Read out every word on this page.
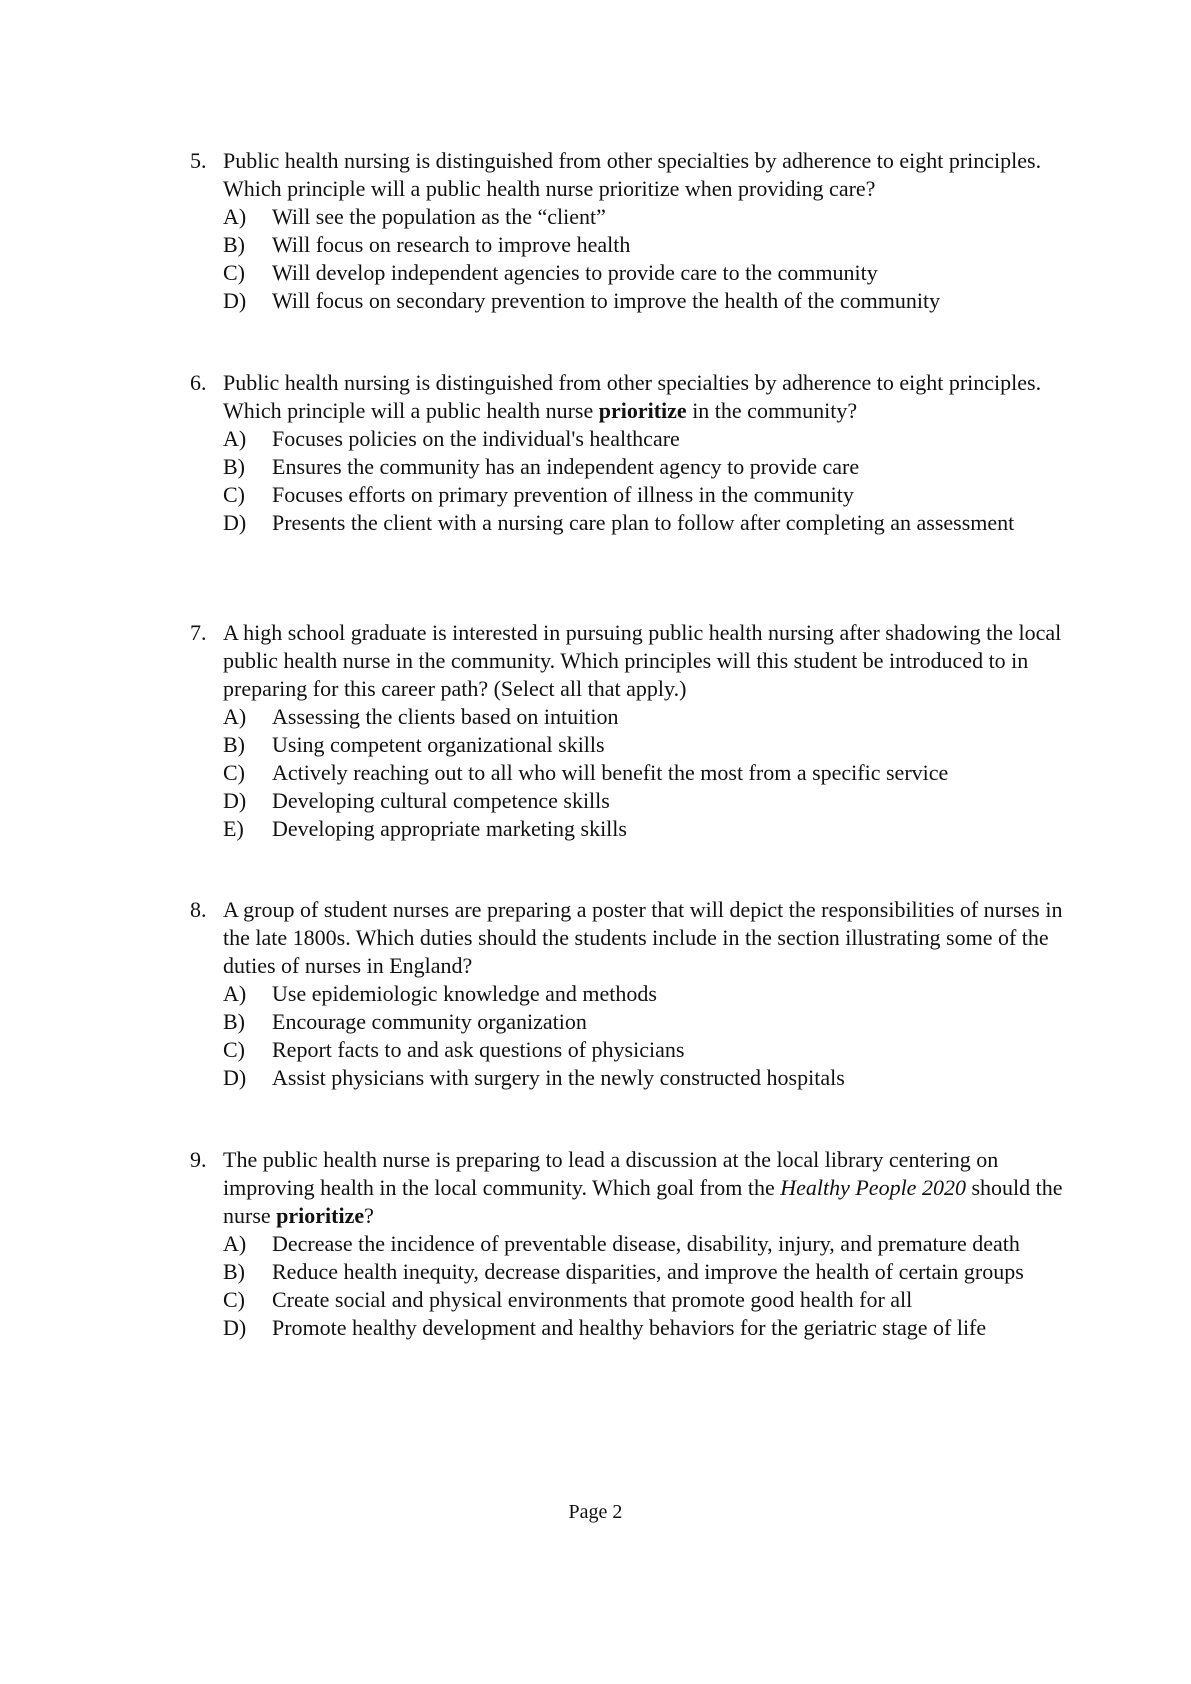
5. Public health nursing is distinguished from other specialties by adherence to eight principles. Which principle will a public health nurse prioritize when providing care?
A)	Will see the population as the “client”
B)	Will focus on research to improve health
C)	Will develop independent agencies to provide care to the community
D)	Will focus on secondary prevention to improve the health of the community
6. Public health nursing is distinguished from other specialties by adherence to eight principles. Which principle will a public health nurse prioritize in the community?
A)	Focuses policies on the individual's healthcare
B)	Ensures the community has an independent agency to provide care
C)	Focuses efforts on primary prevention of illness in the community
D)	Presents the client with a nursing care plan to follow after completing an assessment
7. A high school graduate is interested in pursuing public health nursing after shadowing the local public health nurse in the community. Which principles will this student be introduced to in preparing for this career path? (Select all that apply.)
A)	Assessing the clients based on intuition
B)	Using competent organizational skills
C)	Actively reaching out to all who will benefit the most from a specific service
D)	Developing cultural competence skills
E)	Developing appropriate marketing skills
8. A group of student nurses are preparing a poster that will depict the responsibilities of nurses in the late 1800s. Which duties should the students include in the section illustrating some of the duties of nurses in England?
A)	Use epidemiologic knowledge and methods
B)	Encourage community organization
C)	Report facts to and ask questions of physicians
D)	Assist physicians with surgery in the newly constructed hospitals
9. The public health nurse is preparing to lead a discussion at the local library centering on improving health in the local community. Which goal from the Healthy People 2020 should the nurse prioritize?
A)	Decrease the incidence of preventable disease, disability, injury, and premature death
B)	Reduce health inequity, decrease disparities, and improve the health of certain groups
C)	Create social and physical environments that promote good health for all
D)	Promote healthy development and healthy behaviors for the geriatric stage of life
Page 2
